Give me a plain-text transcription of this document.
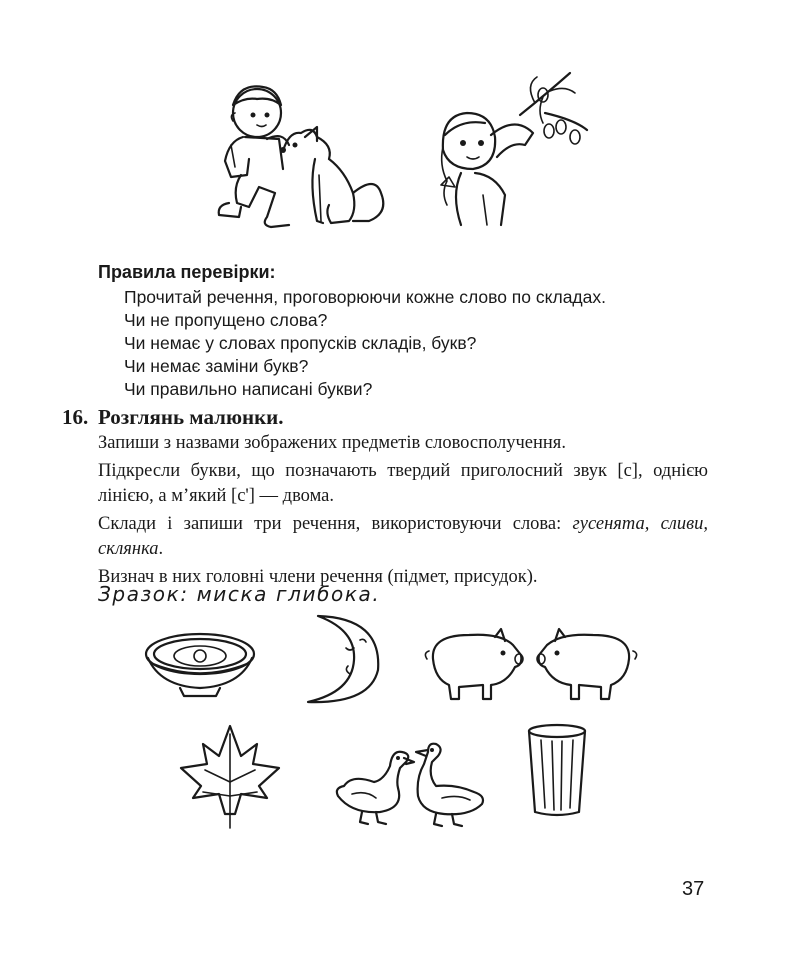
Правила перевірки:
Прочитай речення, проговорюючи кожне слово по складах.
Чи не пропущено слова?
Чи немає у словах пропусків складів, букв?
Чи немає заміни букв?
Чи правильно написані букви?
16. Розглянь малюнки.

Запиши з назвами зображених предметів словосполучення.

Підкресли букви, що позначають твердий приголосний звук [с], однією лінією, а м’який [с'] — двома.

Склади і запиши три речення, використовуючи слова: гусенята, сливи, склянка.

Визнач в них головні члени речення (підмет, присудок).

Зразок: миска глибока.
37
